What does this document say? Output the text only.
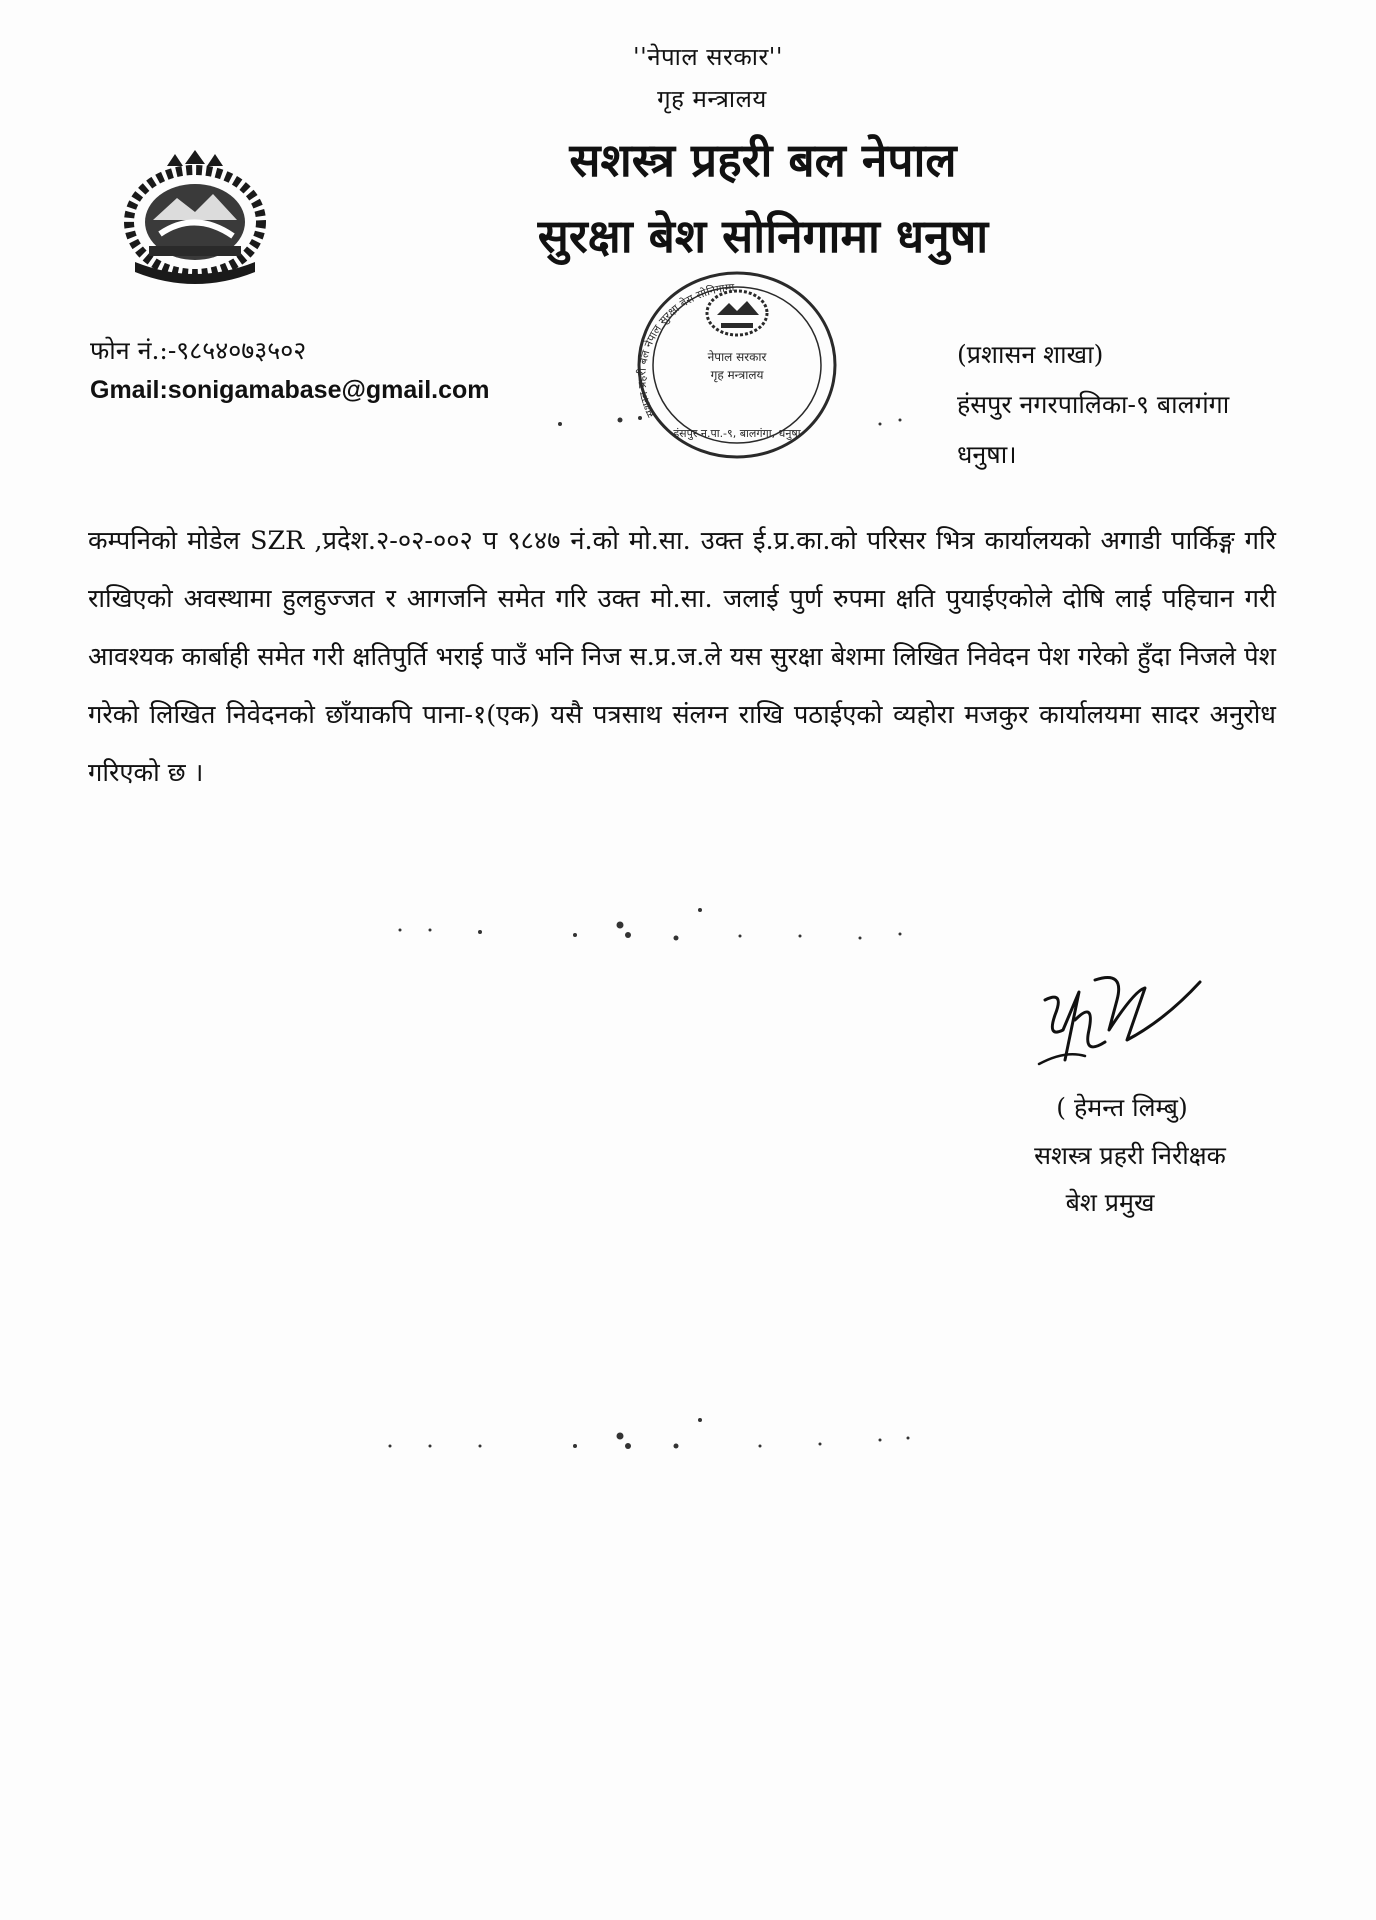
''नेपाल सरकार''
गृह मन्त्रालय
सशस्त्र प्रहरी बल नेपाल
सुरक्षा बेश सोनिगामा धनुषा
फोन नं.:-९८५४०७३५०२
Gmail:sonigamabase@gmail.com
सशस्त्र प्रहरी बल नेपाल सुरक्षा बेस सोनिगामा
नेपाल सरकार
गृह मन्त्रालय
हंसपुर न.पा.-९, बालगंगा, धनुषा
(प्रशासन शाखा)
हंसपुर नगरपालिका-९ बालगंगा
धनुषा।
कम्पनिको मोडेल SZR ,प्रदेश.२-०२-००२ प ९८४७ नं.को मो.सा. उक्त ई.प्र.का.को परिसर भित्र कार्यालयको अगाडी पार्किङ्ग गरि राखिएको अवस्थामा हुलहुज्जत र आगजनि समेत गरि उक्त मो.सा. जलाई पुर्ण रुपमा क्षति पुयाईएकोले दोषि लाई पहिचान गरी आवश्यक कार्बाही समेत गरी क्षतिपुर्ति भराई पाउँ भनि निज स.प्र.ज.ले यस सुरक्षा बेशमा लिखित निवेदन पेश गरेको हुँदा निजले पेश गरेको लिखित निवेदनको छाँयाकपि पाना-१(एक) यसै पत्रसाथ संलग्न राखि पठाईएको व्यहोरा मजकुर कार्यालयमा सादर अनुरोध गरिएको छ ।
( हेमन्त लिम्बु)
सशस्त्र प्रहरी निरीक्षक
बेश प्रमुख
